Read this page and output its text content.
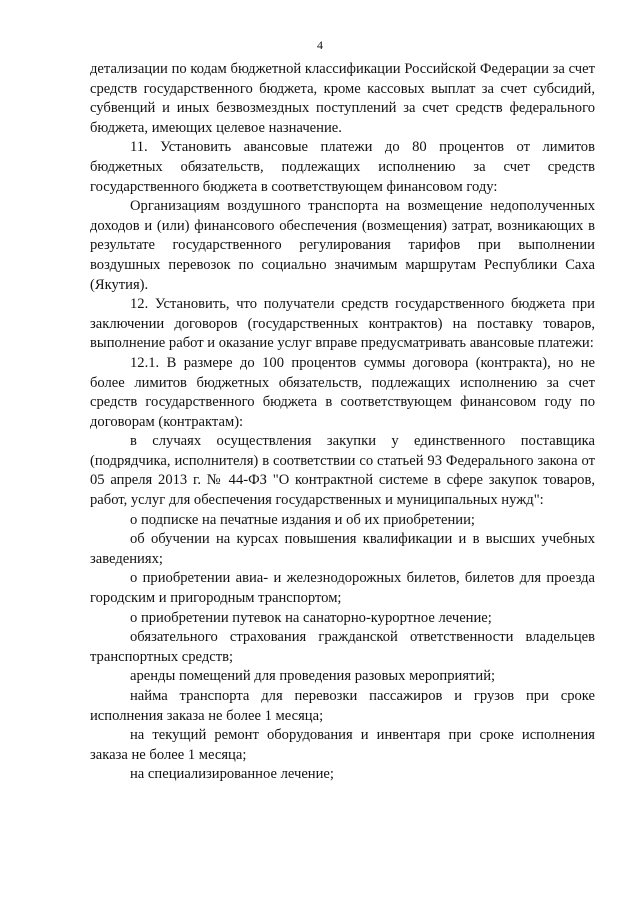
4

детализации по кодам бюджетной классификации Российской Федерации за счет средств государственного бюджета, кроме кассовых выплат за счет субсидий, субвенций и иных безвозмездных поступлений за счет средств федерального бюджета, имеющих целевое назначение.

11. Установить авансовые платежи до 80 процентов от лимитов бюджетных обязательств, подлежащих исполнению за счет средств государственного бюджета в соответствующем финансовом году:

Организациям воздушного транспорта на возмещение недополученных доходов и (или) финансового обеспечения (возмещения) затрат, возникающих в результате государственного регулирования тарифов при выполнении воздушных перевозок по социально значимым маршрутам Республики Саха (Якутия).

12. Установить, что получатели средств государственного бюджета при заключении договоров (государственных контрактов) на поставку товаров, выполнение работ и оказание услуг вправе предусматривать авансовые платежи:

12.1. В размере до 100 процентов суммы договора (контракта), но не более лимитов бюджетных обязательств, подлежащих исполнению за счет средств государственного бюджета в соответствующем финансовом году по договорам (контрактам):

в случаях осуществления закупки у единственного поставщика (подрядчика, исполнителя) в соответствии со статьей 93 Федерального закона от 05 апреля 2013 г. № 44-ФЗ "О контрактной системе в сфере закупок товаров, работ, услуг для обеспечения государственных и муниципальных нужд":

о подписке на печатные издания и об их приобретении;

об обучении на курсах повышения квалификации и в высших учебных заведениях;

о приобретении авиа- и железнодорожных билетов, билетов для проезда городским и пригородным транспортом;

о приобретении путевок на санаторно-курортное лечение;

обязательного страхования гражданской ответственности владельцев транспортных средств;

аренды помещений для проведения разовых мероприятий;

найма транспорта для перевозки пассажиров и грузов при сроке исполнения заказа не более 1 месяца;

на текущий ремонт оборудования и инвентаря при сроке исполнения заказа не более 1 месяца;

на специализированное лечение;
